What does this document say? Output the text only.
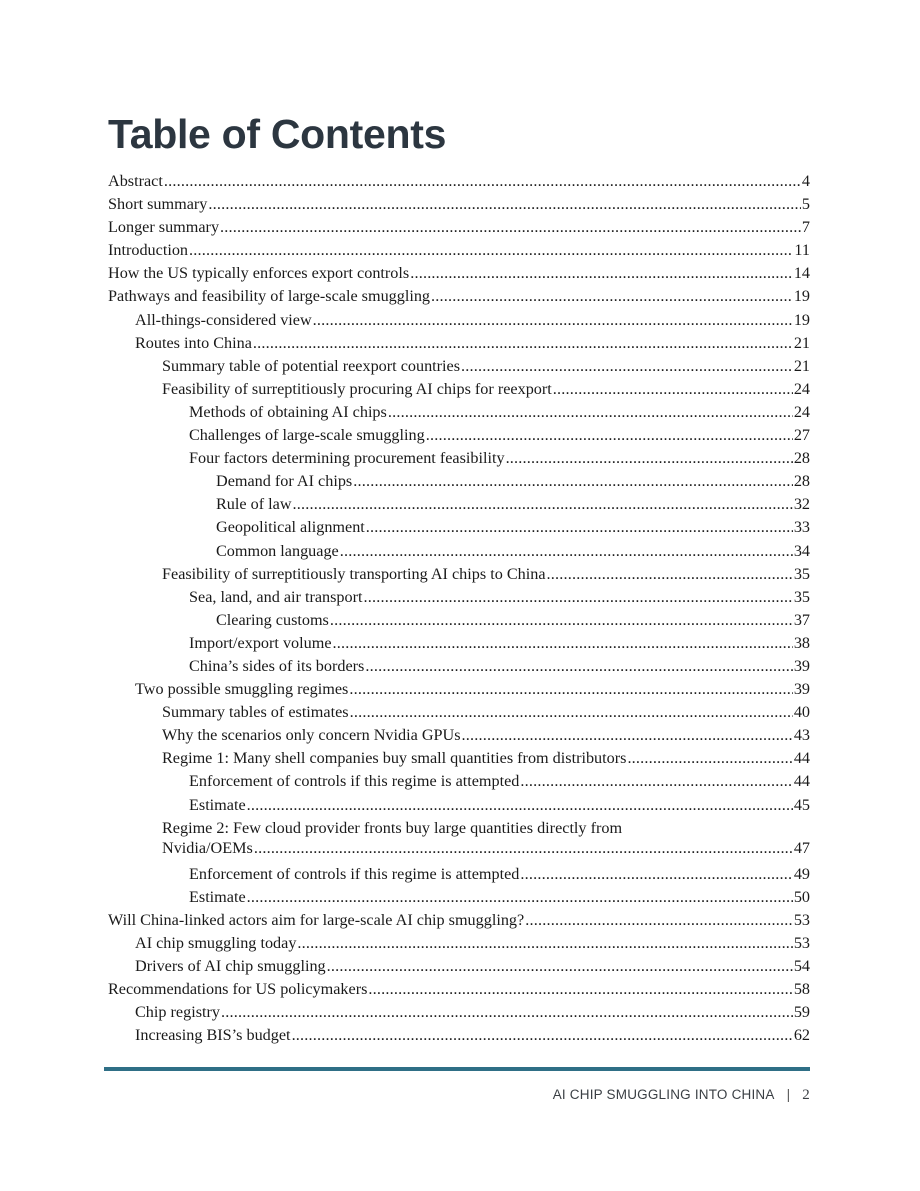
Table of Contents
Abstract .....	4
Short summary .....	5
Longer summary .....	7
Introduction .....	11
How the US typically enforces export controls .....	14
Pathways and feasibility of large-scale smuggling .....	19
All-things-considered view .....	19
Routes into China .....	21
Summary table of potential reexport countries .....	21
Feasibility of surreptitiously procuring AI chips for reexport .....	24
Methods of obtaining AI chips .....	24
Challenges of large-scale smuggling .....	27
Four factors determining procurement feasibility .....	28
Demand for AI chips .....	28
Rule of law .....	32
Geopolitical alignment .....	33
Common language .....	34
Feasibility of surreptitiously transporting AI chips to China .....	35
Sea, land, and air transport .....	35
Clearing customs .....	37
Import/export volume .....	38
China’s sides of its borders .....	39
Two possible smuggling regimes .....	39
Summary tables of estimates .....	40
Why the scenarios only concern Nvidia GPUs .....	43
Regime 1: Many shell companies buy small quantities from distributors .....	44
Enforcement of controls if this regime is attempted .....	44
Estimate .....	45
Regime 2: Few cloud provider fronts buy large quantities directly from
Nvidia/OEMs .....	47
Enforcement of controls if this regime is attempted .....	49
Estimate .....	50
Will China-linked actors aim for large-scale AI chip smuggling? .....	53
AI chip smuggling today .....	53
Drivers of AI chip smuggling .....	54
Recommendations for US policymakers .....	58
Chip registry .....	59
Increasing BIS’s budget .....	62
AI CHIP SMUGGLING INTO CHINA | 2
